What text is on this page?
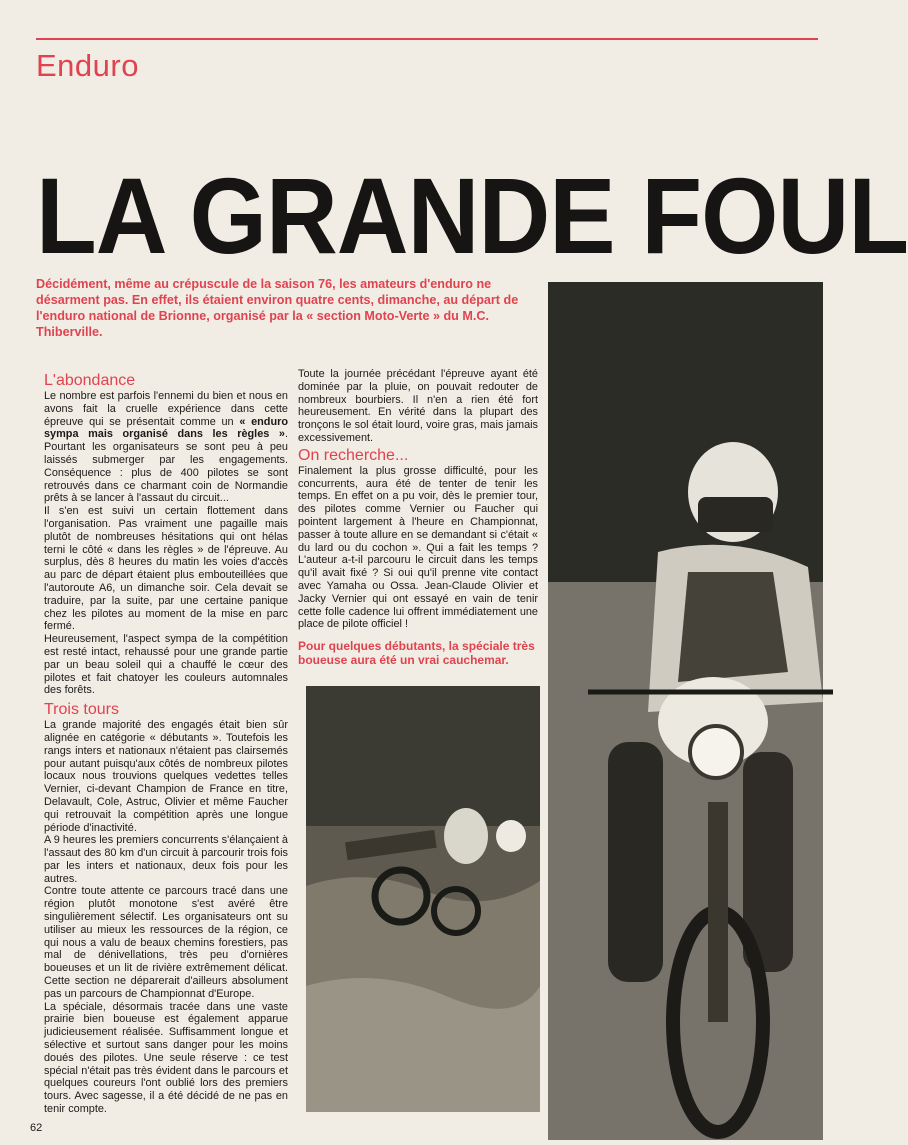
Enduro
LA GRANDE FOUL
Décidément, même au crépuscule de la saison 76, les amateurs d'enduro ne désarment pas. En effet, ils étaient environ quatre cents, dimanche, au départ de l'enduro national de Brionne, organisé par la « section Moto-Verte » du M.C. Thiberville.
L'abondance

Le nombre est parfois l'ennemi du bien et nous en avons fait la cruelle expérience dans cette épreuve qui se présentait comme un « enduro sympa mais organisé dans les règles ». Pourtant les organisateurs se sont peu à peu laissés submerger par les engagements. Conséquence : plus de 400 pilotes se sont retrouvés dans ce charmant coin de Normandie prêts à se lancer à l'assaut du circuit...

Il s'en est suivi un certain flottement dans l'organisation. Pas vraiment une pagaille mais plutôt de nombreuses hésitations qui ont hélas terni le côté « dans les règles » de l'épreuve. Au surplus, dès 8 heures du matin les voies d'accès au parc de départ étaient plus embouteillées que l'autoroute A6, un dimanche soir. Cela devait se traduire, par la suite, par une certaine panique chez les pilotes au moment de la mise en parc fermé.

Heureusement, l'aspect sympa de la compétition est resté intact, rehaussé pour une grande partie par un beau soleil qui a chauffé le cœur des pilotes et fait chatoyer les couleurs automnales des forêts.

Trois tours

La grande majorité des engagés était bien sûr alignée en catégorie « débutants ». Toutefois les rangs inters et nationaux n'étaient pas clairsemés pour autant puisqu'aux côtés de nombreux pilotes locaux nous trouvions quelques vedettes telles Vernier, ci-devant Champion de France en titre, Delavault, Cole, Astruc, Olivier et même Faucher qui retrouvait la compétition après une longue période d'inactivité.

A 9 heures les premiers concurrents s'élançaient à l'assaut des 80 km d'un circuit à parcourir trois fois par les inters et nationaux, deux fois pour les autres.

Contre toute attente ce parcours tracé dans une région plutôt monotone s'est avéré être singulièrement sélectif. Les organisateurs ont su utiliser au mieux les ressources de la région, ce qui nous a valu de beaux chemins forestiers, pas mal de dénivellations, très peu d'ornières boueuses et un lit de rivière extrêmement délicat. Cette section ne déparerait d'ailleurs absolument pas un parcours de Championnat d'Europe.

La spéciale, désormais tracée dans une vaste prairie bien boueuse est également apparue judicieusement réalisée. Suffisamment longue et sélective et surtout sans danger pour les moins doués des pilotes. Une seule réserve : ce test spécial n'était pas très évident dans le parcours et quelques coureurs l'ont oublié lors des premiers tours. Avec sagesse, il a été décidé de ne pas en tenir compte.

Toute la journée précédant l'épreuve ayant été dominée par la pluie, on pouvait redouter de nombreux bourbiers. Il n'en a rien été fort heureusement. En vérité dans la plupart des tronçons le sol était lourd, voire gras, mais jamais excessivement.

On recherche...

Finalement la plus grosse difficulté, pour les concurrents, aura été de tenter de tenir les temps. En effet on a pu voir, dès le premier tour, des pilotes comme Vernier ou Faucher qui pointent largement à l'heure en Championnat, passer à toute allure en se demandant si c'était « du lard ou du cochon ». Qui a fait les temps ? L'auteur a-t-il parcouru le circuit dans les temps qu'il avait fixé ? Si oui qu'il prenne vite contact avec Yamaha ou Ossa. Jean-Claude Olivier et Jacky Vernier qui ont essayé en vain de tenir cette folle cadence lui offrent immédiatement une place de pilote officiel !

Pour quelques débutants, la spéciale très boueuse aura été un vrai cauchemar.
62
